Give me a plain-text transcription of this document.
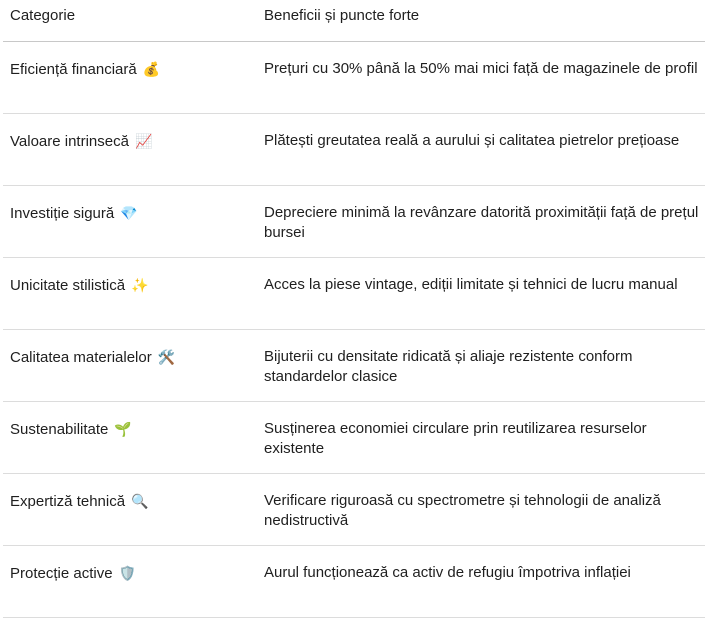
Categorie	Beneficii și puncte forte
Eficiență financiară 💰	Prețuri cu 30% până la 50% mai mici față de magazinele de profil
Valoare intrinsecă 📈	Plătești greutatea reală a aurului și calitatea pietrelor prețioase
Investiție sigură 💎	Depreciere minimă la revânzare datorită proximității față de prețul bursei
Unicitate stilistică ✨	Acces la piese vintage, ediții limitate și tehnici de lucru manual
Calitatea materialelor 🛠️	Bijuterii cu densitate ridicată și aliaje rezistente conform standardelor clasice
Sustenabilitate 🌱	Susținerea economiei circulare prin reutilizarea resurselor existente
Expertiză tehnică 🔍	Verificare riguroasă cu spectrometre și tehnologii de analiză nedistructivă
Protecție active 🛡️	Aurul funcționează ca activ de refugiu împotriva inflației
